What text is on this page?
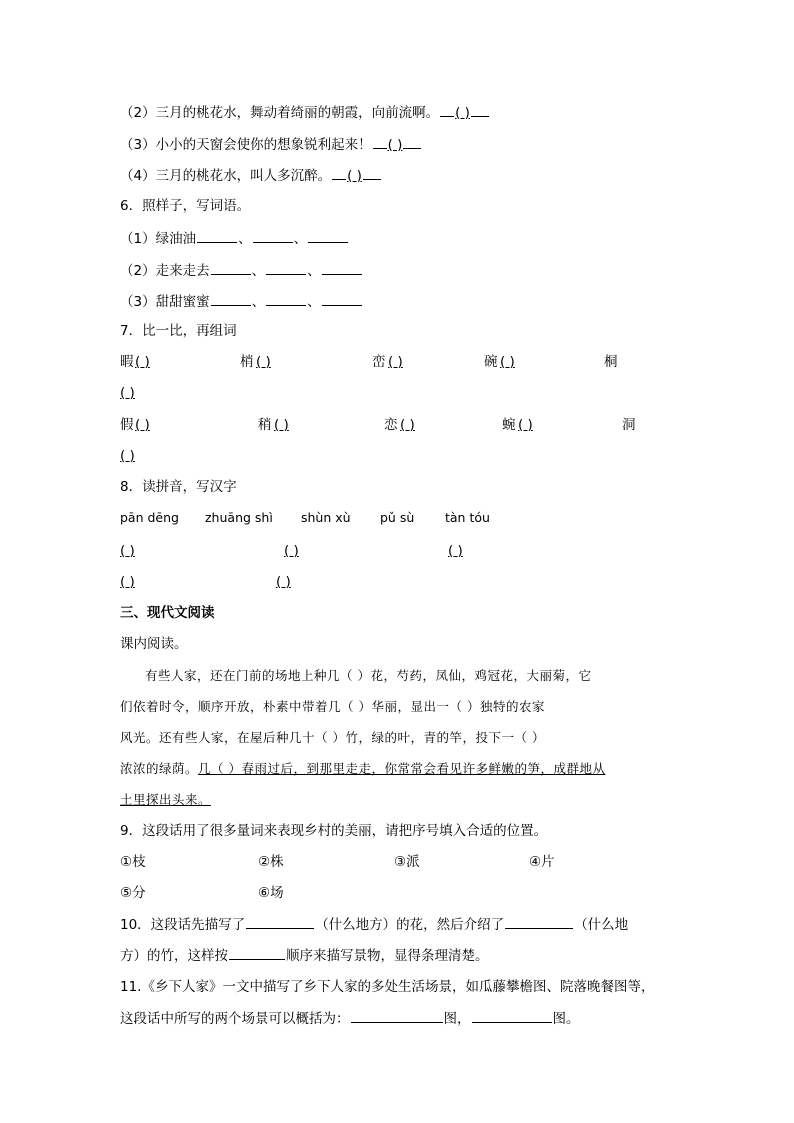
（2）三月的桃花水，舞动着绮丽的朝霞，向前流啊。 ( )
（3）小小的天窗会使你的想象锐利起来！ ( )
（4）三月的桃花水，叫人多沉醉。 ( )
6．照样子，写词语。
（1）绿油油	、	、
（2）走来走去	、	、
（3）甜甜蜜蜜	、	、
7．比一比，再组词
暇 ( )	梢 ( )	峦 ( )	碗 ( )	桐
( )
假 ( )	稍 ( )	恋 ( )	蜿 ( )	洞
( )
8．读拼音，写汉字
pān dēng zhuāng shì shùn xù pǔ sù tàn tóu
( )	( )	( )
( )	( )
三、现代文阅读
课内阅读。
有些人家，还在门前的场地上种几（ ）花，芍药，凤仙，鸡冠花，大丽菊，它
们依着时令，顺序开放，朴素中带着几（ ）华丽，显出一（ ）独特的农家
风光。还有些人家，在屋后种几十（ ）竹，绿的叶，青的竿，投下一（ ）
浓浓的绿荫。几（ ）春雨过后，到那里走走，你常常会看见许多鲜嫩的笋，成群地从
土里探出头来。
9．这段话用了很多量词来表现乡村的美丽，请把序号填入合适的位置。
①枝	②株	③派	④片
⑤分	⑥场
10．这段话先描写了	（什么地方）的花，然后介绍了	（什么地
方）的竹，这样按	顺序来描写景物，显得条理清楚。
11.《乡下人家》一文中描写了乡下人家的多处生活场景，如瓜藤攀檐图、院落晚餐图等，
这段话中所写的两个场景可以概括为：	图，	图。
